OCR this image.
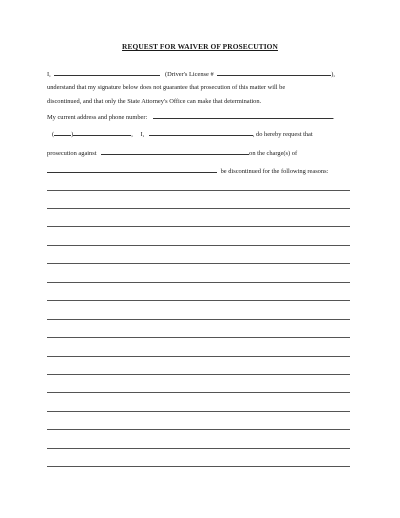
REQUEST FOR WAIVER OF PROSECUTION
I,	(Driver's License #	),
understand that my signature below does not guarantee that prosecution of this matter will be
discontinued, and that only the State Attorney's Office can make that determination.
My current address and phone number:	.
(	)	, I,	, do hereby request that
prosecution against	on the charge(s) of
be discontinued for the following reasons:
